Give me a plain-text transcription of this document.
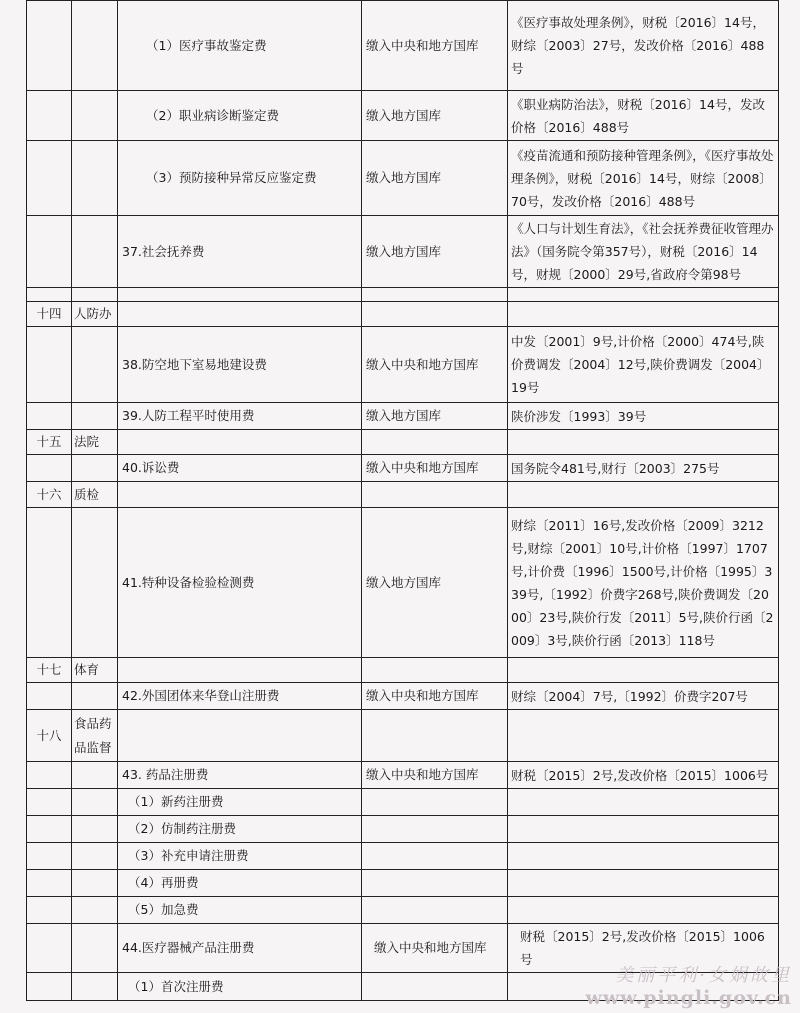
		（1）医疗事故鉴定费	缴入中央和地方国库	《医疗事故处理条例》，财税〔2016〕14号，财综〔2003〕27号，发改价格〔2016〕488号
		（2）职业病诊断鉴定费	缴入地方国库	《职业病防治法》，财税〔2016〕14号，发改价格〔2016〕488号
		（3）预防接种异常反应鉴定费	缴入地方国库	《疫苗流通和预防接种管理条例》，《医疗事故处理条例》，财税〔2016〕14号，财综〔2008〕70号，发改价格〔2016〕488号
		37.社会抚养费	缴入地方国库	《人口与计划生育法》，《社会抚养费征收管理办法》（国务院令第357号），财税〔2016〕14号，财规〔2000〕29号,省政府令第98号

十四	人防办			
		38.防空地下室易地建设费	缴入中央和地方国库	中发〔2001〕9号,计价格〔2000〕474号,陕价费调发〔2004〕12号,陕价费调发〔2004〕19号
		39.人防工程平时使用费	缴入地方国库	陕价涉发〔1993〕39号
十五	法院			
		40.诉讼费	缴入中央和地方国库	国务院令481号,财行〔2003〕275号
十六	质检			
		41.特种设备检验检测费	缴入地方国库	财综〔2011〕16号,发改价格〔2009〕3212号,财综〔2001〕10号,计价格〔1997〕1707号,计价费〔1996〕1500号,计价格〔1995〕339号,〔1992〕价费字268号,陕价费调发〔2000〕23号,陕价行发〔2011〕5号,陕价行函〔2009〕3号,陕价行函〔2013〕118号
十七	体育			
		42.外国团体来华登山注册费	缴入中央和地方国库	财综〔2004〕7号,〔1992〕价费字207号
十八	食品药品监督			
		43. 药品注册费	缴入中央和地方国库	财税〔2015〕2号,发改价格〔2015〕1006号
		（1）新药注册费		
		（2）仿制药注册费		
		（3）补充申请注册费		
		（4）再册费		
		（5）加急费		
		44.医疗器械产品注册费	缴入中央和地方国库	财税〔2015〕2号,发改价格〔2015〕1006号
		（1）首次注册费			美丽平利·女娲故里
www.pingli.gov.cn
